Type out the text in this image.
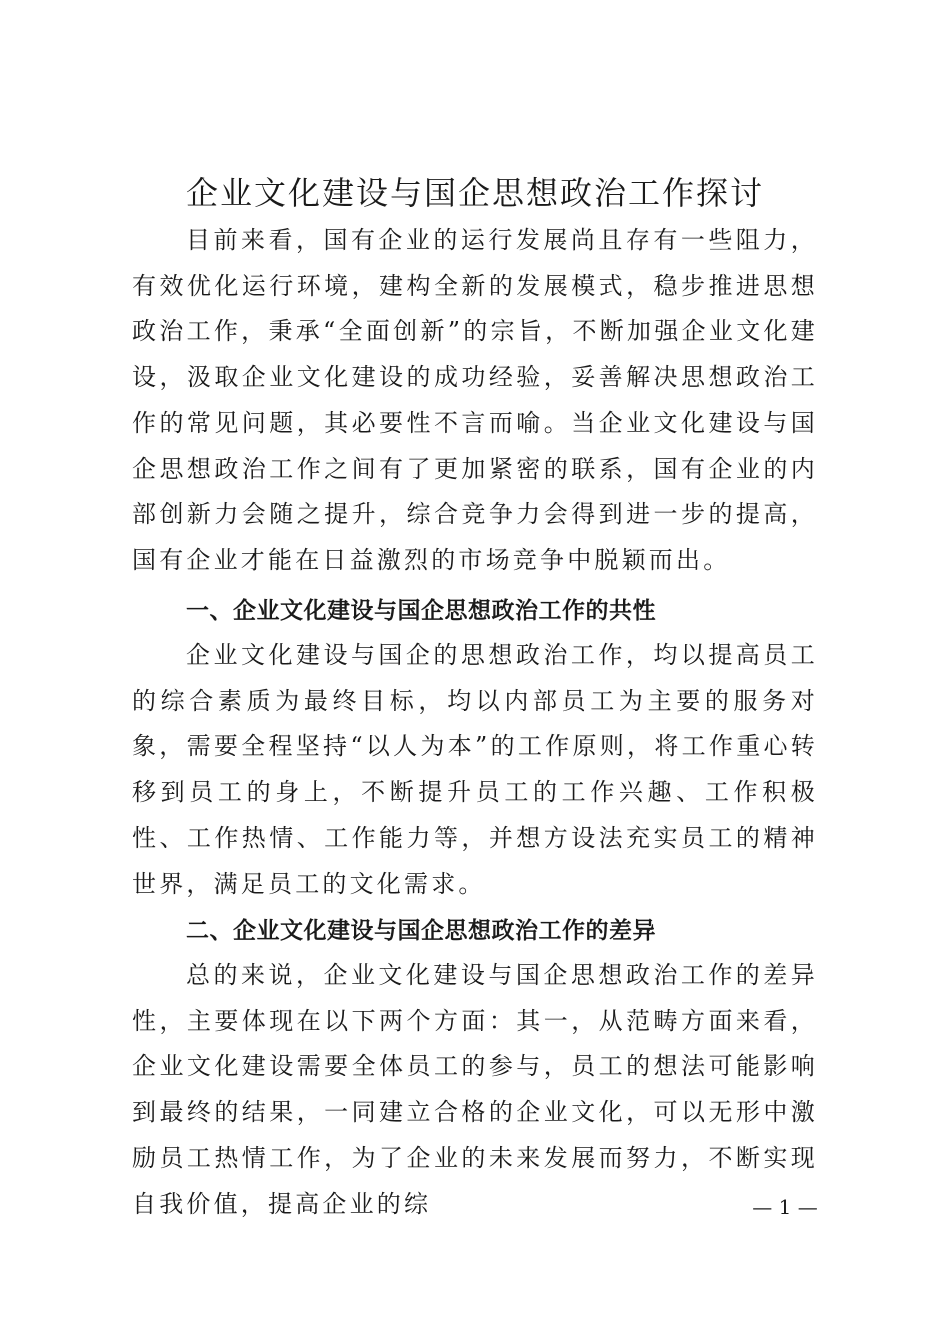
企业文化建设与国企思想政治工作探讨

目前来看，国有企业的运行发展尚且存有一些阻力，有效优化运行环境，建构全新的发展模式，稳步推进思想政治工作，秉承“全面创新”的宗旨，不断加强企业文化建设，汲取企业文化建设的成功经验，妥善解决思想政治工作的常见问题，其必要性不言而喻。当企业文化建设与国企思想政治工作之间有了更加紧密的联系，国有企业的内部创新力会随之提升，综合竞争力会得到进一步的提高，国有企业才能在日益激烈的市场竞争中脱颖而出。

一、企业文化建设与国企思想政治工作的共性

企业文化建设与国企的思想政治工作，均以提高员工的综合素质为最终目标，均以内部员工为主要的服务对象，需要全程坚持“以人为本”的工作原则，将工作重心转移到员工的身上，不断提升员工的工作兴趣、工作积极性、工作热情、工作能力等，并想方设法充实员工的精神世界，满足员工的文化需求。

二、企业文化建设与国企思想政治工作的差异

总的来说，企业文化建设与国企思想政治工作的差异性，主要体现在以下两个方面：其一，从范畴方面来看，企业文化建设需要全体员工的参与，员工的想法可能影响到最终的结果，一同建立合格的企业文化，可以无形中激励员工热情工作，为了企业的未来发展而努力，不断实现自我价值，提高企业的综	— 1 —
